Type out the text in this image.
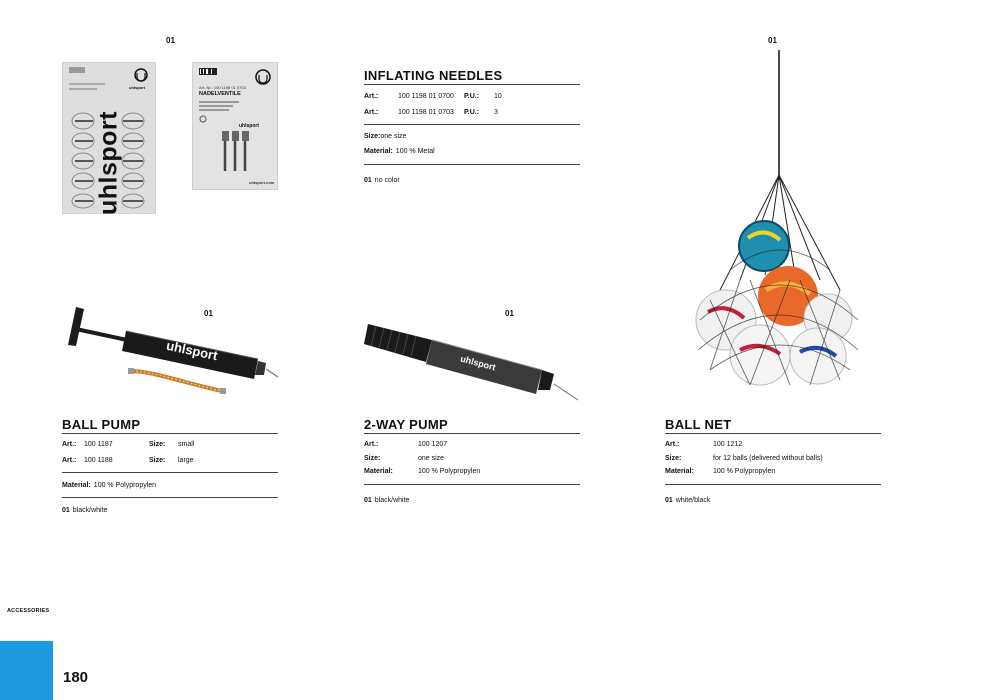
01
uhlsport
uhlsport
Art.-Nr.: 100 1198 01 0703
NADELVENTILE
uhlsport
uhlsport.com
INFLATING NEEDLES
Art.:	100 1198 01 0700	P.U.:	10
Art.:	100 1198 01 0703	P.U.:	3
Size: one size
Material: 100 % Metal
01 no color
01
uhlsport
BALL PUMP
Art.:	100 1187	Size:	small
Art.:	100 1188	Size:	large
Material: 100 % Polypropylen
01 black/white
01
uhlsport
2-WAY PUMP
Art.:	100 1207
Size:	one size
Material:	100 % Polypropylen
01 black/white
01
BALL NET
Art.:	100 1212
Size:	for 12 balls (delivered without balls)
Material:	100 % Polypropylen
01 white/black
ACCESSORIES
180
